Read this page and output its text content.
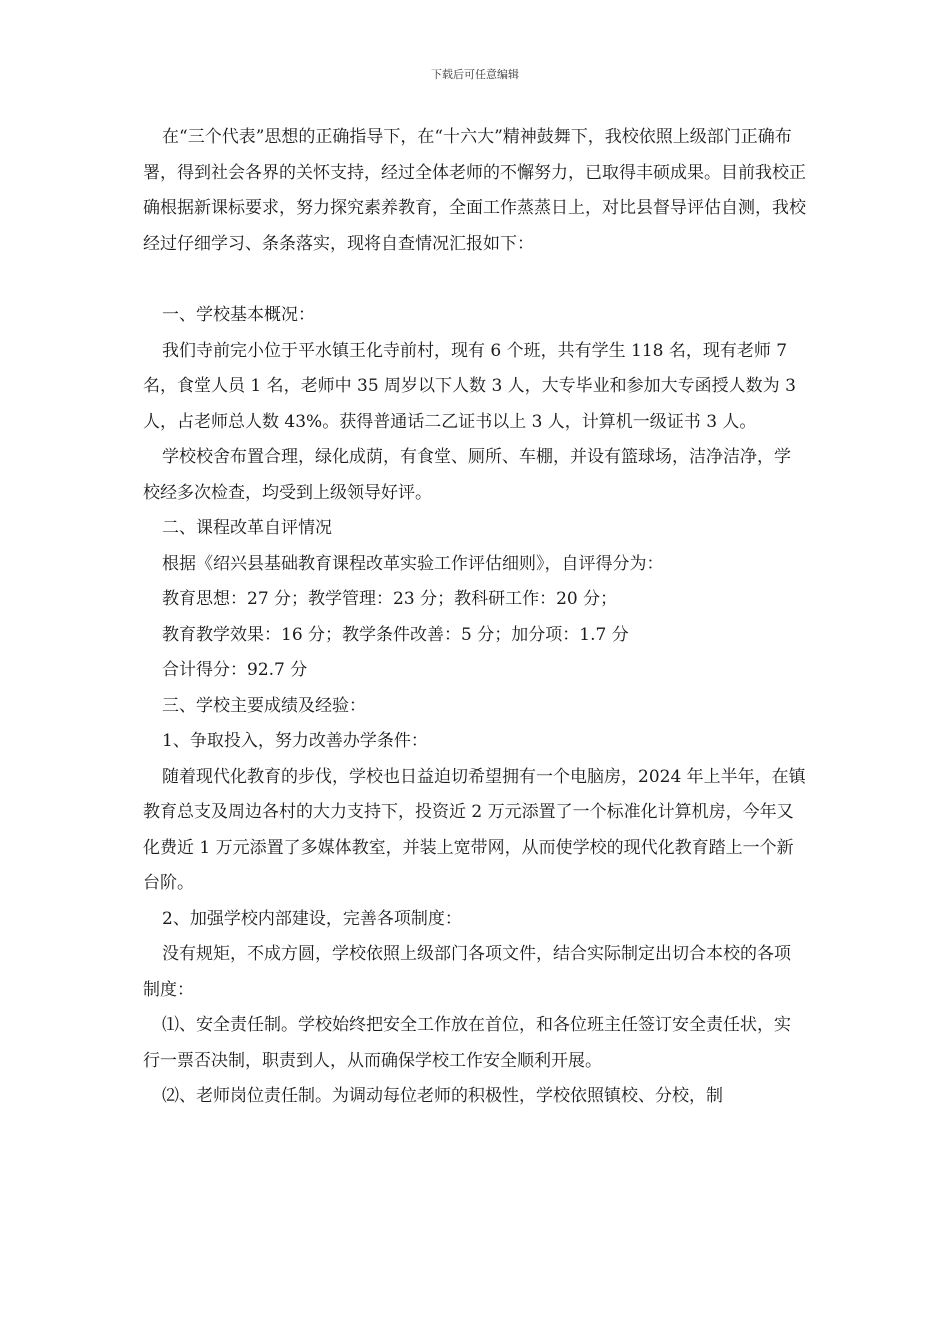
下载后可任意编辑

在“三个代表”思想的正确指导下，在“十六大”精神鼓舞下，我校依照上级部门正确布署，得到社会各界的关怀支持，经过全体老师的不懈努力，已取得丰硕成果。目前我校正确根据新课标要求，努力探究素养教育，全面工作蒸蒸日上，对比县督导评估自测，我校经过仔细学习、条条落实，现将自查情况汇报如下：

一、学校基本概况：

我们寺前完小位于平水镇王化寺前村，现有 6 个班，共有学生 118 名，现有老师 7 名，食堂人员 1 名，老师中 35 周岁以下人数 3 人，大专毕业和参加大专函授人数为 3 人，占老师总人数 43%。获得普通话二乙证书以上 3 人，计算机一级证书 3 人。

学校校舍布置合理，绿化成荫，有食堂、厕所、车棚，并设有篮球场，洁净洁净，学校经多次检查，均受到上级领导好评。

二、课程改革自评情况

根据《绍兴县基础教育课程改革实验工作评估细则》，自评得分为：

教育思想：27 分；教学管理：23 分；教科研工作：20 分；

教育教学效果：16 分；教学条件改善：5 分；加分项：1.7 分

合计得分：92.7 分

三、学校主要成绩及经验：

1、争取投入，努力改善办学条件：

随着现代化教育的步伐，学校也日益迫切希望拥有一个电脑房，2024 年上半年，在镇教育总支及周边各村的大力支持下，投资近 2 万元添置了一个标准化计算机房，今年又化费近 1 万元添置了多媒体教室，并装上宽带网，从而使学校的现代化教育踏上一个新台阶。

2、加强学校内部建设，完善各项制度：

没有规矩，不成方圆，学校依照上级部门各项文件，结合实际制定出切合本校的各项制度：

⑴、安全责任制。学校始终把安全工作放在首位，和各位班主任签订安全责任状，实行一票否决制，职责到人，从而确保学校工作安全顺利开展。

⑵、老师岗位责任制。为调动每位老师的积极性，学校依照镇校、分校，制
